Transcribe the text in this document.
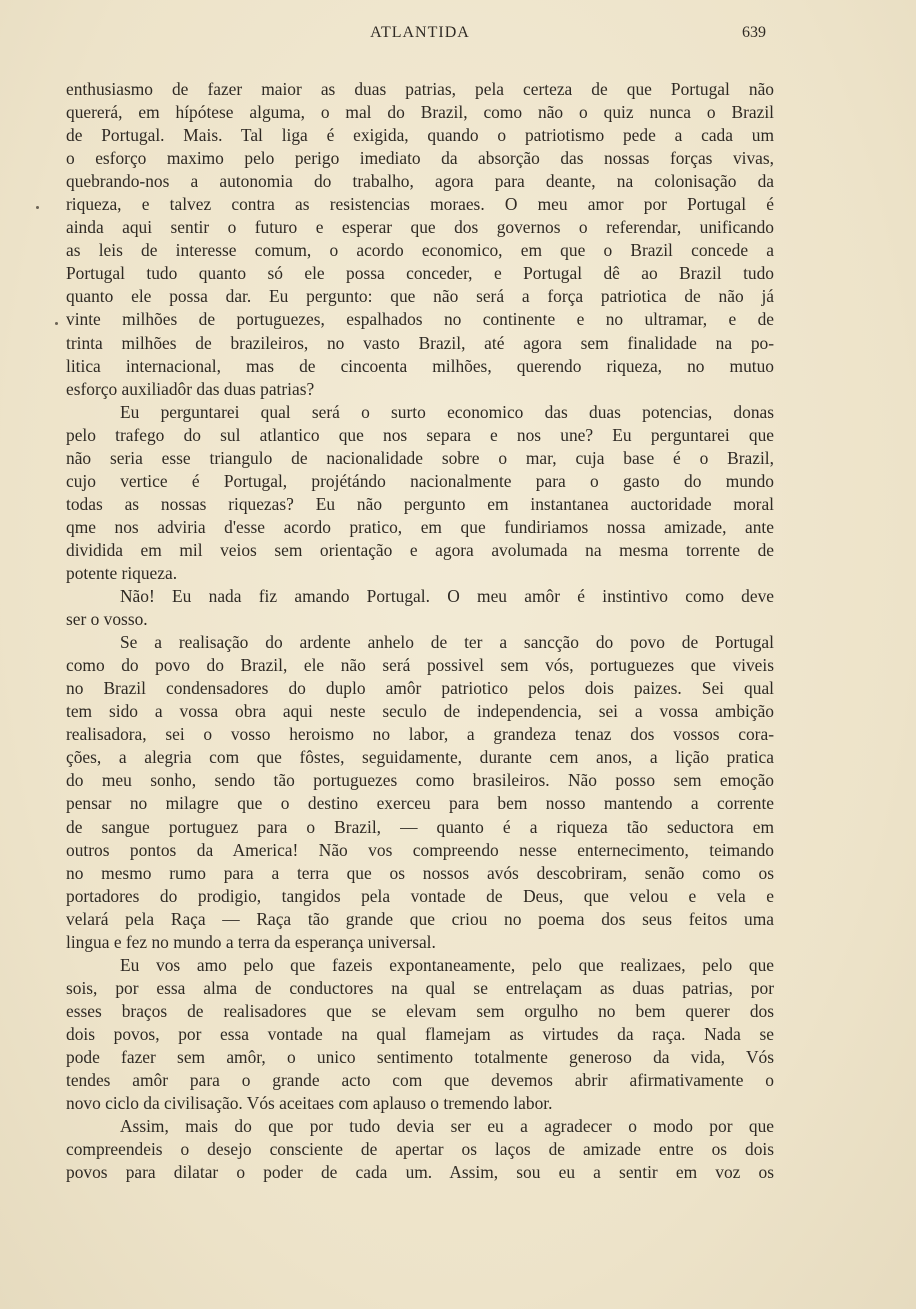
ATLANTIDA	639
enthusiasmo de fazer maior as duas patrias, pela certeza de que Portugal não
quererá, em hípótese alguma, o mal do Brazil, como não o quiz nunca o Brazil
de Portugal. Mais. Tal liga é exigida, quando o patriotismo pede a cada um
o esforço maximo pelo perigo imediato da absorção das nossas forças vivas,
quebrando-nos a autonomia do trabalho, agora para deante, na colonisação da
riqueza, e talvez contra as resistencias moraes. O meu amor por Portugal é
ainda aqui sentir o futuro e esperar que dos governos o referendar, unificando
as leis de interesse comum, o acordo economico, em que o Brazil concede a
Portugal tudo quanto só ele possa conceder, e Portugal dê ao Brazil tudo
quanto ele possa dar. Eu pergunto: que não será a força patriotica de não já
vinte milhões de portuguezes, espalhados no continente e no ultramar, e de
trinta milhões de brazileiros, no vasto Brazil, até agora sem finalidade na po-
litica internacional, mas de cincoenta milhões, querendo riqueza, no mutuo
esforço auxiliadôr das duas patrias?
Eu perguntarei qual será o surto economico das duas potencias, donas
pelo trafego do sul atlantico que nos separa e nos une? Eu perguntarei que
não seria esse triangulo de nacionalidade sobre o mar, cuja base é o Brazil,
cujo vertice é Portugal, projétándo nacionalmente para o gasto do mundo
todas as nossas riquezas? Eu não pergunto em instantanea auctoridade moral
qme nos adviria d'esse acordo pratico, em que fundiriamos nossa amizade, ante
dividida em mil veios sem orientação e agora avolumada na mesma torrente de
potente riqueza.
Não! Eu nada fiz amando Portugal. O meu amôr é instintivo como deve
ser o vosso.
Se a realisação do ardente anhelo de ter a sancção do povo de Portugal
como do povo do Brazil, ele não será possivel sem vós, portuguezes que viveis
no Brazil condensadores do duplo amôr patriotico pelos dois paizes. Sei qual
tem sido a vossa obra aqui neste seculo de independencia, sei a vossa ambição
realisadora, sei o vosso heroismo no labor, a grandeza tenaz dos vossos cora-
ções, a alegria com que fôstes, seguidamente, durante cem anos, a lição pratica
do meu sonho, sendo tão portuguezes como brasileiros. Não posso sem emoção
pensar no milagre que o destino exerceu para bem nosso mantendo a corrente
de sangue portuguez para o Brazil, — quanto é a riqueza tão seductora em
outros pontos da America! Não vos compreendo nesse enternecimento, teimando
no mesmo rumo para a terra que os nossos avós descobriram, senão como os
portadores do prodigio, tangidos pela vontade de Deus, que velou e vela e
velará pela Raça — Raça tão grande que criou no poema dos seus feitos uma
lingua e fez no mundo a terra da esperança universal.
Eu vos amo pelo que fazeis expontaneamente, pelo que realizaes, pelo que
sois, por essa alma de conductores na qual se entrelaçam as duas patrias, por
esses braços de realisadores que se elevam sem orgulho no bem querer dos
dois povos, por essa vontade na qual flamejam as virtudes da raça. Nada se
pode fazer sem amôr, o unico sentimento totalmente generoso da vida, Vós
tendes amôr para o grande acto com que devemos abrir afirmativamente o
novo ciclo da civilisação. Vós aceitaes com aplauso o tremendo labor.
Assim, mais do que por tudo devia ser eu a agradecer o modo por que
compreendeis o desejo consciente de apertar os laços de amizade entre os dois
povos para dilatar o poder de cada um. Assim, sou eu a sentir em voz os
